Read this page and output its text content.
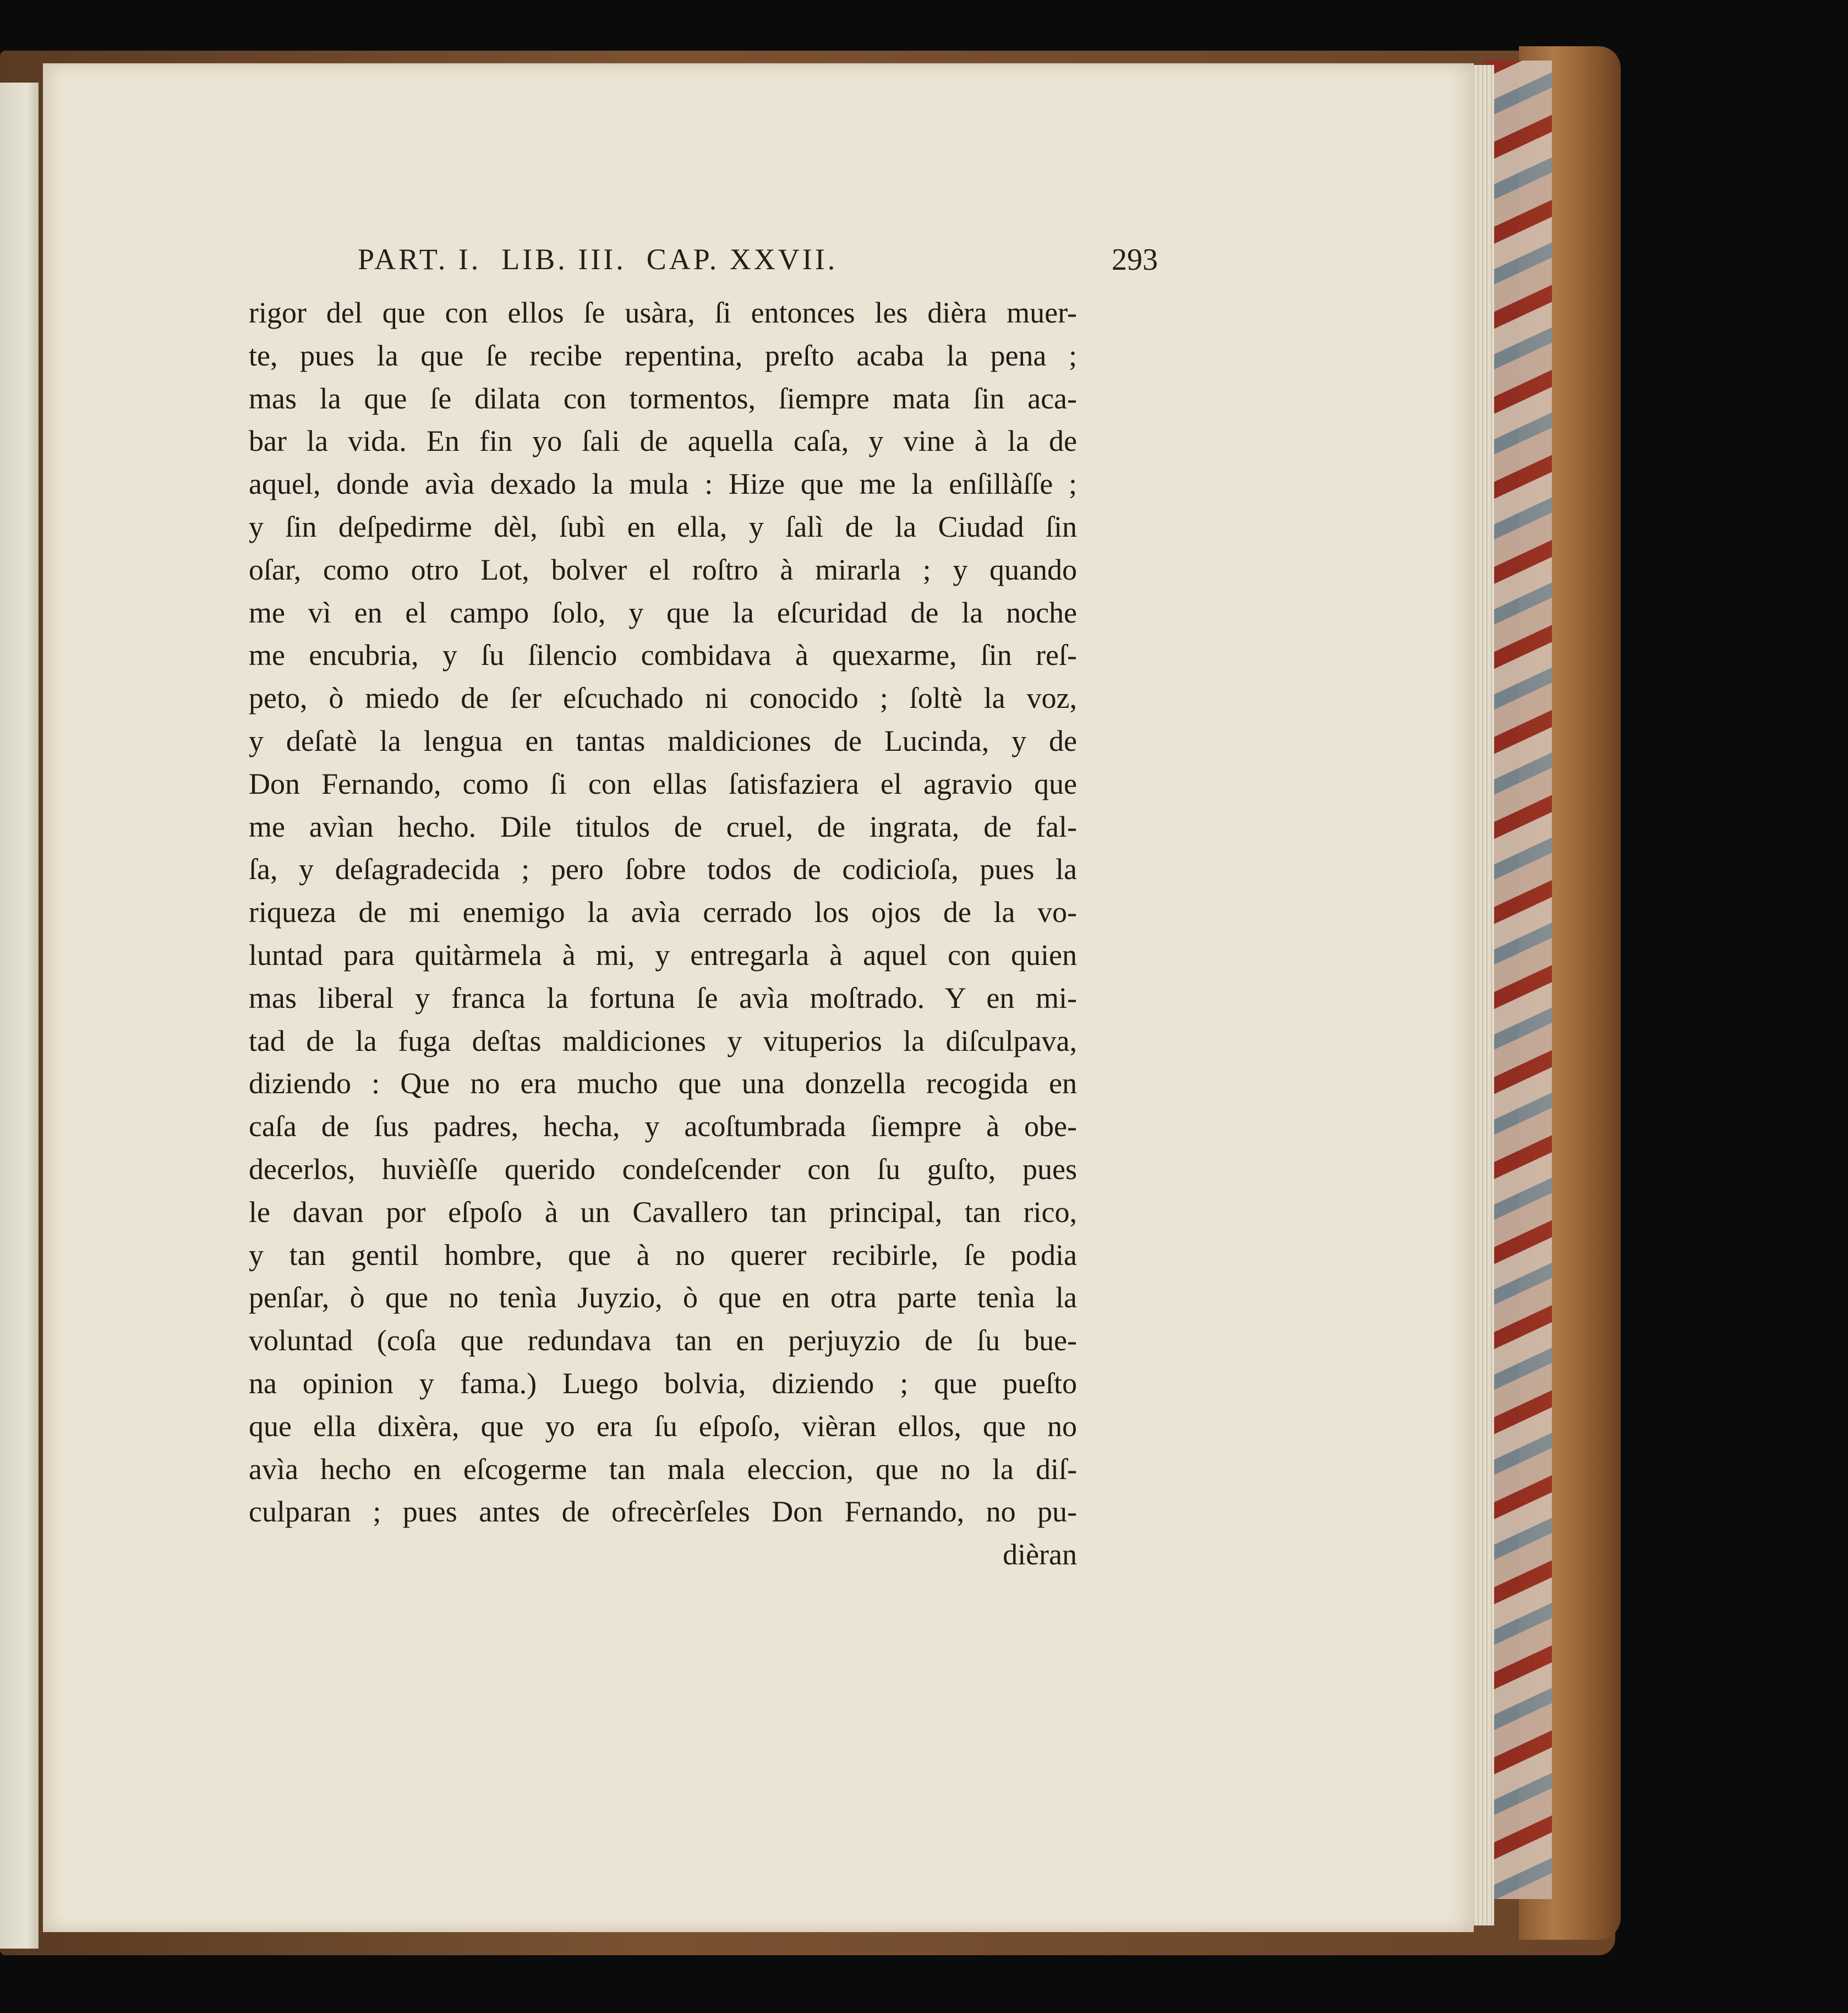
PART. I.  LIB. III.  CAP. XXVII.	293
rigor del que con ellos ſe usàra, ſi entonces les dièra muer-
te, pues la que ſe recibe repentina, preſto acaba la pena ;
mas la que ſe dilata con tormentos, ſiempre mata ſin aca-
bar la vida. En fin yo ſali de aquella caſa, y vine à la de
aquel, donde avìa dexado la mula : Hize que me la enſillàſſe ;
y ſin deſpedirme dèl, ſubì en ella, y ſalì de la Ciudad ſin
oſar, como otro Lot, bolver el roſtro à mirarla ; y quando
me vì en el campo ſolo, y que la eſcuridad de la noche
me encubria, y ſu ſilencio combidava à quexarme, ſin reſ-
peto, ò miedo de ſer eſcuchado ni conocido ; ſoltè la voz,
y deſatè la lengua en tantas maldiciones de Lucinda, y de
Don Fernando, como ſi con ellas ſatisfaziera el agravio que
me avìan hecho. Dile titulos de cruel, de ingrata, de fal-
ſa, y deſagradecida ; pero ſobre todos de codicioſa, pues la
riqueza de mi enemigo la avìa cerrado los ojos de la vo-
luntad para quitàrmela à mi, y entregarla à aquel con quien
mas liberal y franca la fortuna ſe avìa moſtrado. Y en mi-
tad de la fuga deſtas maldiciones y vituperios la diſculpava,
diziendo : Que no era mucho que una donzella recogida en
caſa de ſus padres, hecha, y acoſtumbrada ſiempre à obe-
decerlos, huvièſſe querido condeſcender con ſu guſto, pues
le davan por eſpoſo à un Cavallero tan principal, tan rico,
y tan gentil hombre, que à no querer recibirle, ſe podia
penſar, ò que no tenìa Juyzio, ò que en otra parte tenìa la
voluntad (coſa que redundava tan en perjuyzio de ſu bue-
na opinion y fama.) Luego bolvia, diziendo ; que pueſto
que ella dixèra, que yo era ſu eſpoſo, vièran ellos, que no
avìa hecho en eſcogerme tan mala eleccion, que no la diſ-
culparan ; pues antes de ofrecèrſeles Don Fernando, no pu-
dièran
